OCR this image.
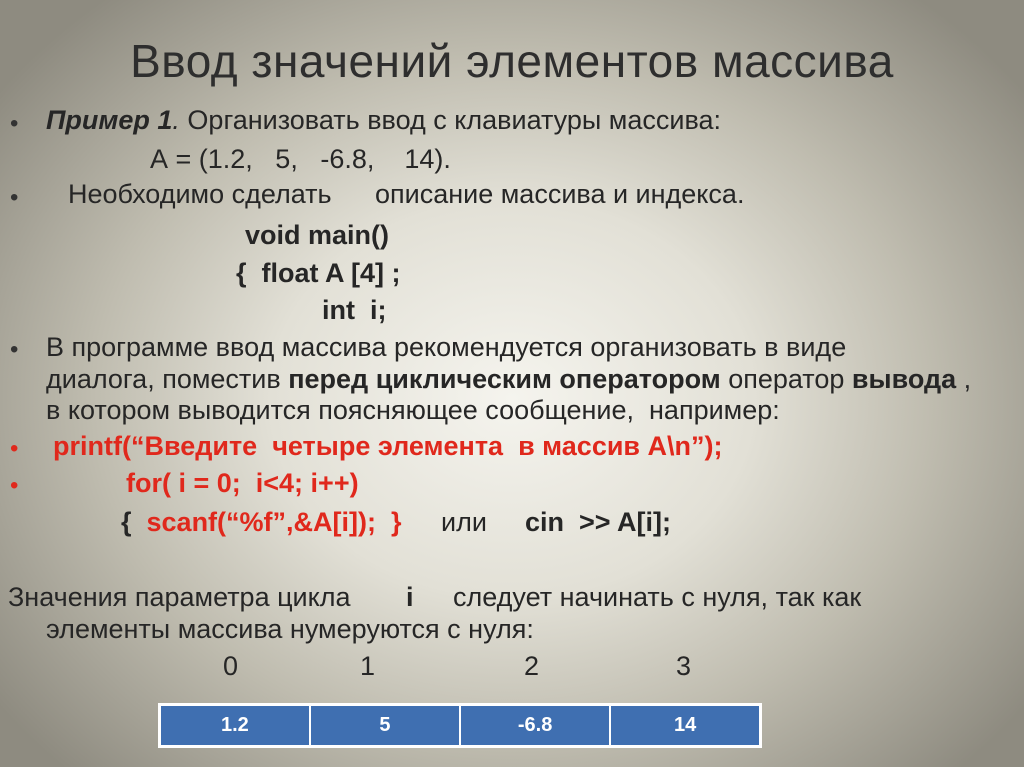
Ввод значений элементов массива
• Пример 1. Организовать ввод с клавиатуры массива:
А = (1.2,   5,   -6.8,    14).
• Необходимо сделать описание массива и индекса.
void main()
{  float A [4] ;
int  i;
• В программе ввод массива рекомендуется организовать в виде
диалога, поместив перед циклическим оператором оператор вывода ,
в котором выводится поясняющее сообщение,  например:
• printf(“Введите  четыре элемента  в массив A\n”);
•	for( i = 0;  i<4; i++)
{  scanf(“%f”,&A[i]);  } или cin  >> A[i];
Значения параметра цикла i следует начинать с нуля, так как
элементы массива нумеруются с нуля:
0	1	2	3
1.2	5	-6.8	14
